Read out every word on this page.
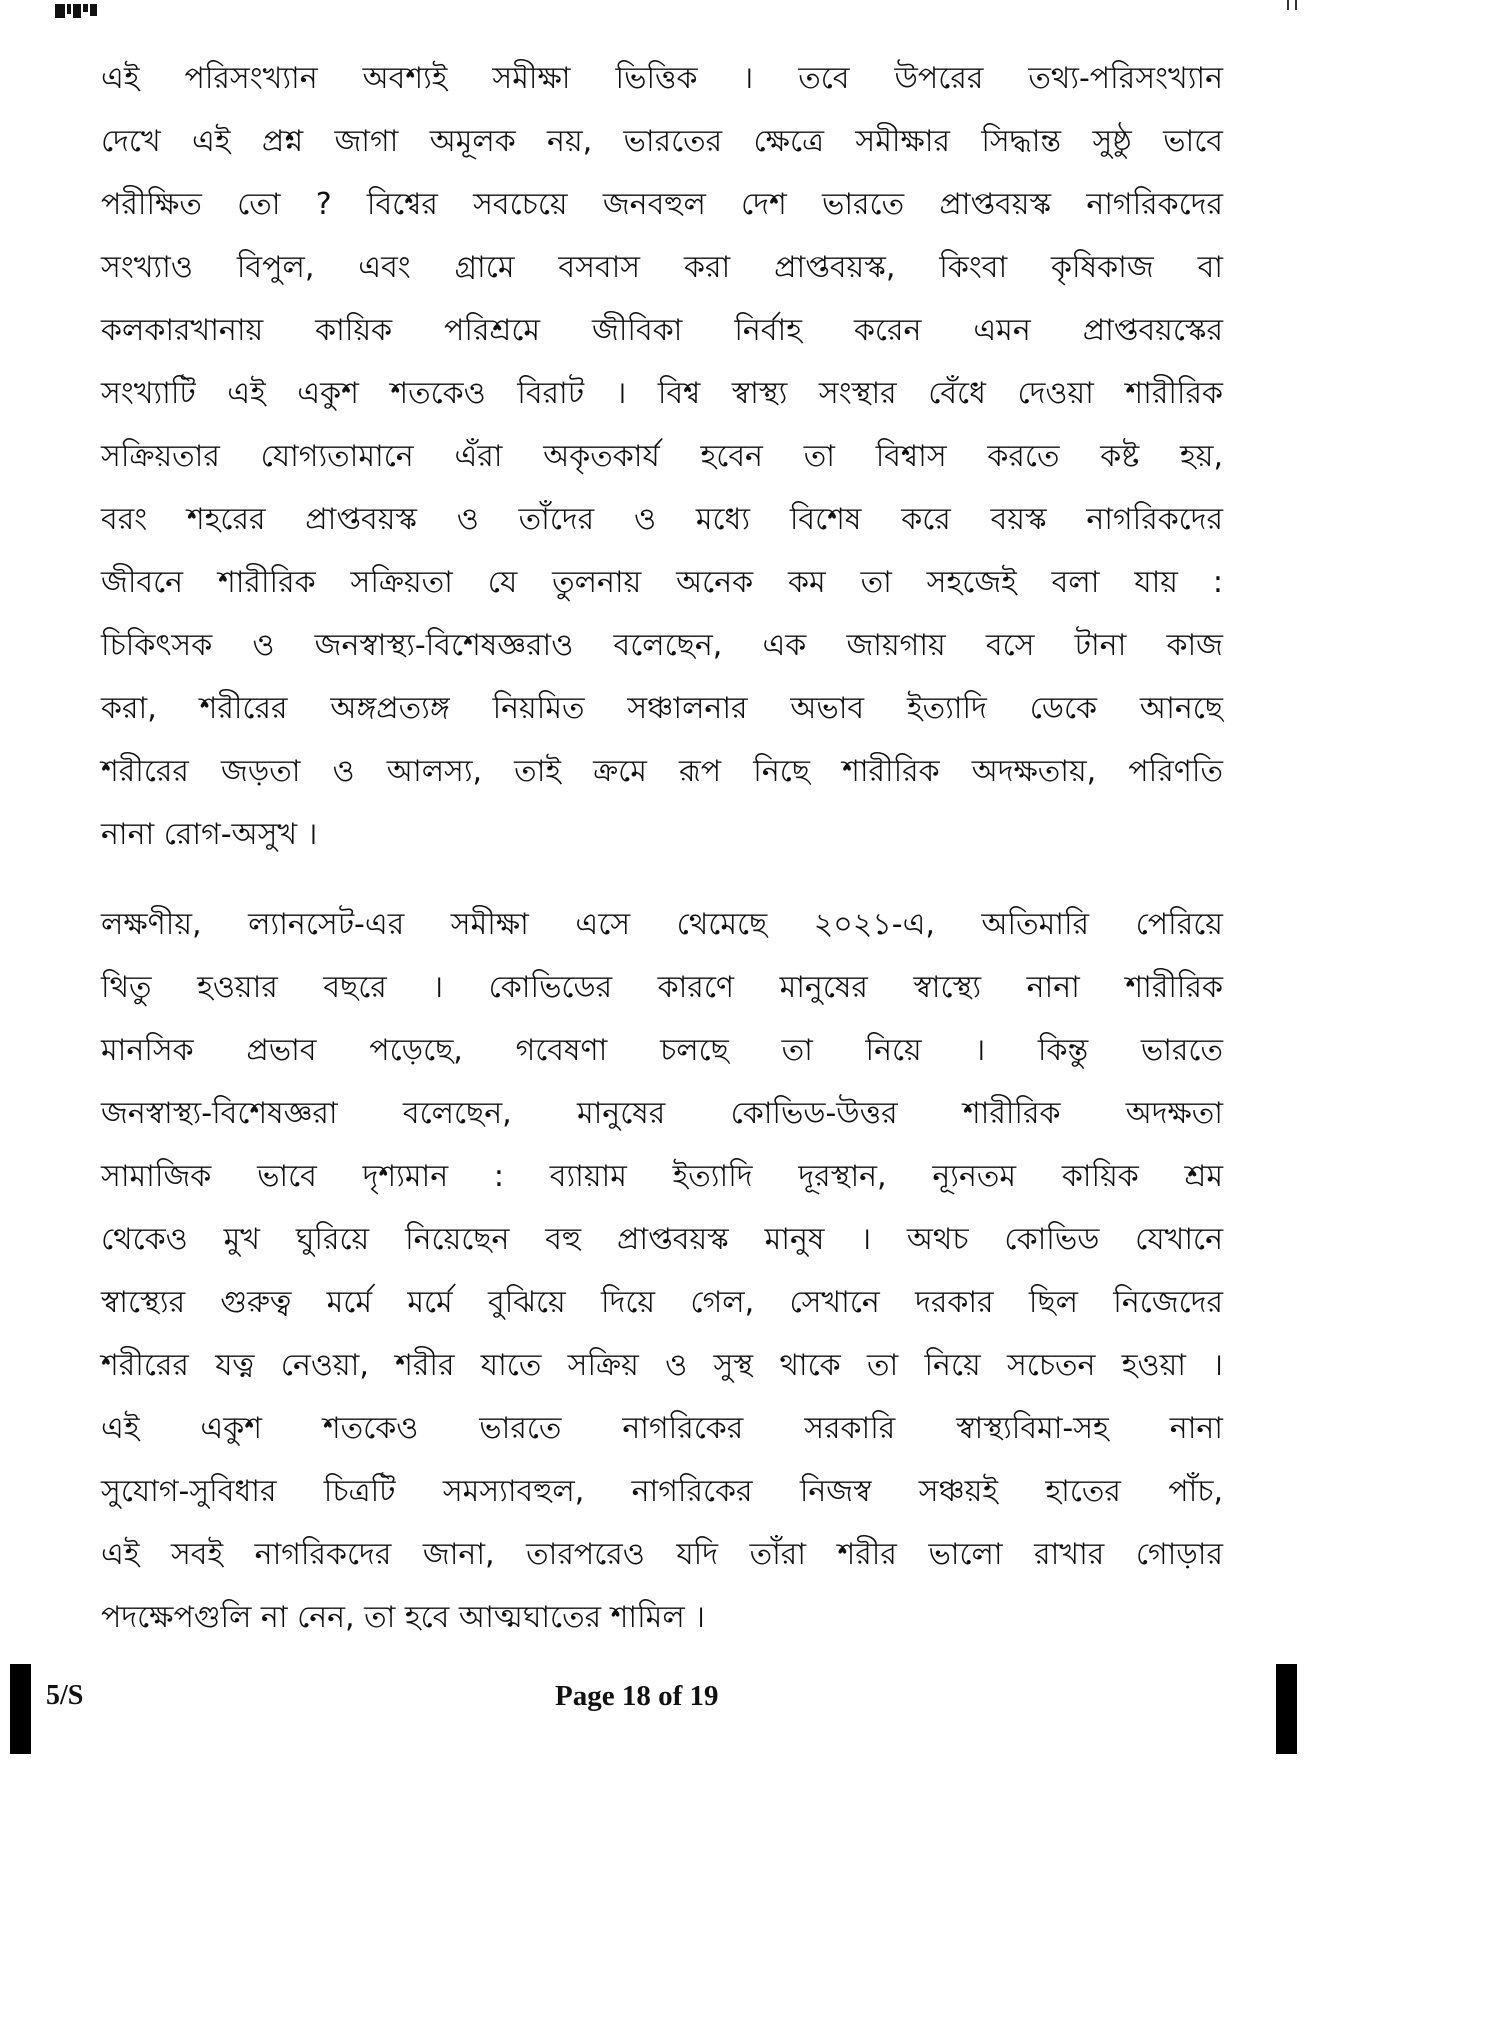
এই পরিসংখ্যান অবশ্যই সমীক্ষা ভিত্তিক । তবে উপরের তথ্য-পরিসংখ্যান
দেখে এই প্রশ্ন জাগা অমূলক নয়, ভারতের ক্ষেত্রে সমীক্ষার সিদ্ধান্ত সুষ্ঠু ভাবে
পরীক্ষিত তো ? বিশ্বের সবচেয়ে জনবহুল দেশ ভারতে প্রাপ্তবয়স্ক নাগরিকদের
সংখ্যাও বিপুল, এবং গ্রামে বসবাস করা প্রাপ্তবয়স্ক, কিংবা কৃষিকাজ বা
কলকারখানায় কায়িক পরিশ্রমে জীবিকা নির্বাহ করেন এমন প্রাপ্তবয়স্কের
সংখ্যাটি এই একুশ শতকেও বিরাট । বিশ্ব স্বাস্থ্য সংস্থার বেঁধে দেওয়া শারীরিক
সক্রিয়তার যোগ্যতামানে এঁরা অকৃতকার্য হবেন তা বিশ্বাস করতে কষ্ট হয়,
বরং শহরের প্রাপ্তবয়স্ক ও তাঁদের ও মধ্যে বিশেষ করে বয়স্ক নাগরিকদের
জীবনে শারীরিক সক্রিয়তা যে তুলনায় অনেক কম তা সহজেই বলা যায় :
চিকিৎসক ও জনস্বাস্থ্য-বিশেষজ্ঞরাও বলেছেন, এক জায়গায় বসে টানা কাজ
করা, শরীরের অঙ্গপ্রত্যঙ্গ নিয়মিত সঞ্চালনার অভাব ইত্যাদি ডেকে আনছে
শরীরের জড়তা ও আলস্য, তাই ক্রমে রূপ নিছে শারীরিক অদক্ষতায়, পরিণতি
নানা রোগ-অসুখ ।
লক্ষণীয়, ল্যানসেট-এর সমীক্ষা এসে থেমেছে ২০২১-এ, অতিমারি পেরিয়ে
থিতু হওয়ার বছরে । কোভিডের কারণে মানুষের স্বাস্থ্যে নানা শারীরিক
মানসিক প্রভাব পড়েছে, গবেষণা চলছে তা নিয়ে । কিন্তু ভারতে
জনস্বাস্থ্য-বিশেষজ্ঞরা বলেছেন, মানুষের কোভিড-উত্তর শারীরিক অদক্ষতা
সামাজিক ভাবে দৃশ্যমান : ব্যায়াম ইত্যাদি দূরস্থান, ন্যূনতম কায়িক শ্রম
থেকেও মুখ ঘুরিয়ে নিয়েছেন বহু প্রাপ্তবয়স্ক মানুষ । অথচ কোভিড যেখানে
স্বাস্থ্যের গুরুত্ব মর্মে মর্মে বুঝিয়ে দিয়ে গেল, সেখানে দরকার ছিল নিজেদের
শরীরের যত্ন নেওয়া, শরীর যাতে সক্রিয় ও সুস্থ থাকে তা নিয়ে সচেতন হওয়া ।
এই একুশ শতকেও ভারতে নাগরিকের সরকারি স্বাস্থ্যবিমা-সহ নানা
সুযোগ-সুবিধার চিত্রটি সমস্যাবহুল, নাগরিকের নিজস্ব সঞ্চয়ই হাতের পাঁচ,
এই সবই নাগরিকদের জানা, তারপরেও যদি তাঁরা শরীর ভালো রাখার গোড়ার
পদক্ষেপগুলি না নেন, তা হবে আত্মঘাতের শামিল ।
5/S	Page 18 of 19
